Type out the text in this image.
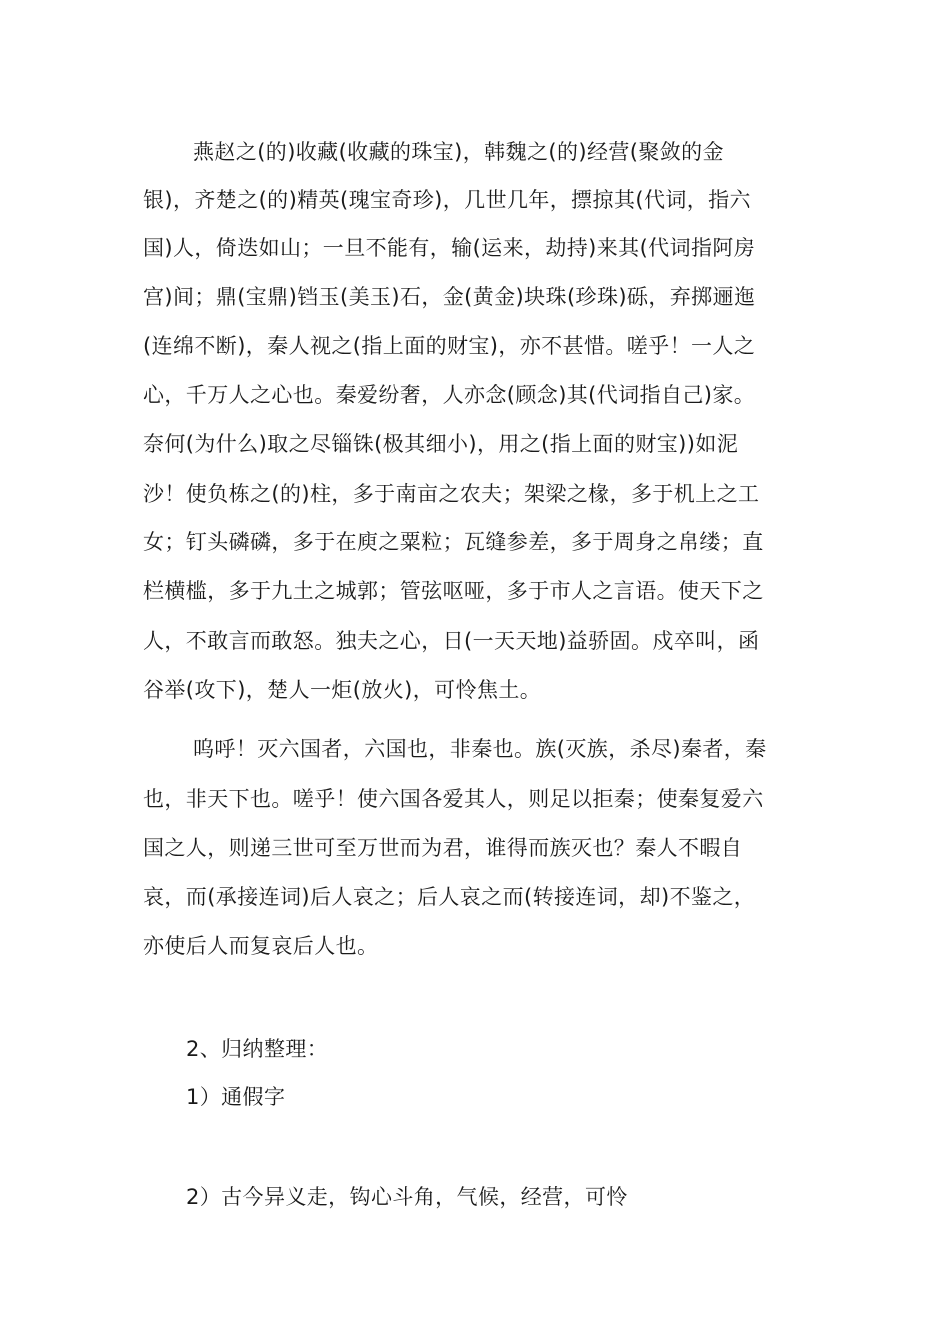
燕赵之(的)收藏(收藏的珠宝)，韩魏之(的)经营(聚敛的金
银)，齐楚之(的)精英(瑰宝奇珍)，几世几年，摽掠其(代词，指六
国)人，倚迭如山；一旦不能有，输(运来，劫持)来其(代词指阿房
宫)间；鼎(宝鼎)铛玉(美玉)石，金(黄金)块珠(珍珠)砾，弃掷逦迤
(连绵不断)，秦人视之(指上面的财宝)，亦不甚惜。嗟乎！一人之
心，千万人之心也。秦爱纷奢，人亦念(顾念)其(代词指自己)家。
奈何(为什么)取之尽锱铢(极其细小)，用之(指上面的财宝))如泥
沙！使负栋之(的)柱，多于南亩之农夫；架梁之椽，多于机上之工
女；钉头磷磷，多于在庾之粟粒；瓦缝参差，多于周身之帛缕；直
栏横槛，多于九土之城郭；管弦呕哑，多于市人之言语。使天下之
人，不敢言而敢怒。独夫之心，日(一天天地)益骄固。戍卒叫，函
谷举(攻下)，楚人一炬(放火)，可怜焦土。
呜呼！灭六国者，六国也，非秦也。族(灭族，杀尽)秦者，秦
也，非天下也。嗟乎！使六国各爱其人，则足以拒秦；使秦复爱六
国之人，则递三世可至万世而为君，谁得而族灭也？秦人不暇自
哀，而(承接连词)后人哀之；后人哀之而(转接连词，却)不鉴之，
亦使后人而复哀后人也。
2、归纳整理：
1）通假字
2）古今异义走，钩心斗角，气候，经营，可怜
